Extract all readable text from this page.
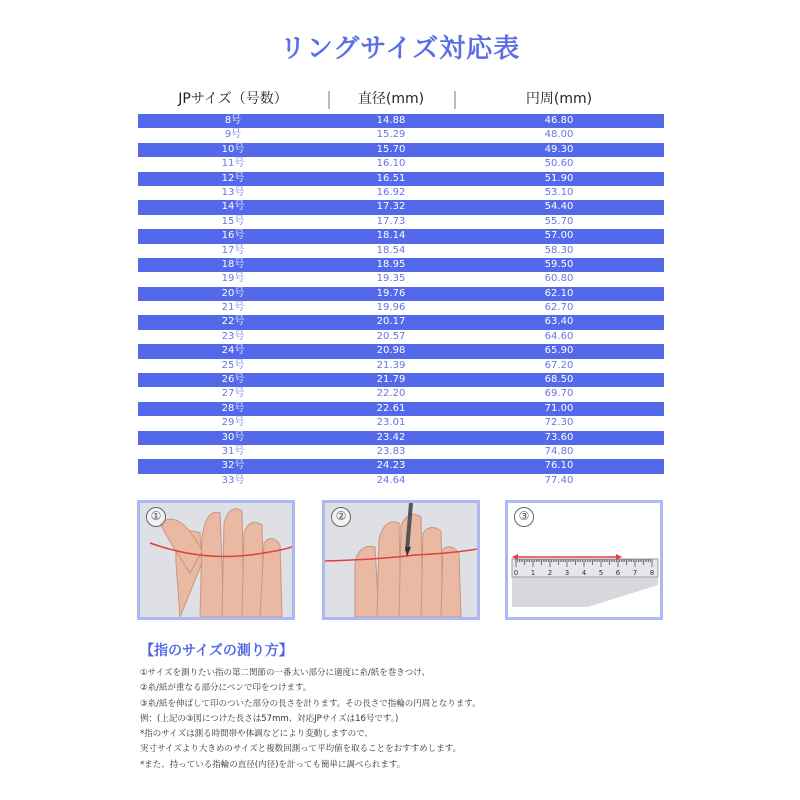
リングサイズ対応表
JPサイズ（号数）	直径(mm)	円周(mm)
8号	14.88	46.80
9号	15.29	48.00
10号	15.70	49.30
11号	16.10	50.60
12号	16.51	51.90
13号	16.92	53.10
14号	17.32	54.40
15号	17.73	55.70
16号	18.14	57.00
17号	18.54	58.30
18号	18.95	59.50
19号	19.35	60.80
20号	19.76	62.10
21号	19.96	62.70
22号	20.17	63.40
23号	20.57	64.60
24号	20.98	65.90
25号	21.39	67.20
26号	21.79	68.50
27号	22.20	69.70
28号	22.61	71.00
29号	23.01	72.30
30号	23.42	73.60
31号	23.83	74.80
32号	24.23	76.10
33号	24.64	77.40
①	②
0 1 2 3 4 5 6 7 8
③
【指のサイズの測り方】
①サイズを測りたい指の第二関節の一番太い部分に適度に糸/紙を巻きつけ、
②糸/紙が重なる部分にペンで印をつけます。
③糸/紙を伸ばして印のついた部分の長さを計ります。その長さで指輪の円周となります。
例：(上記の③図につけた長さは57mm、対応JPサイズは16号です。)
*指のサイズは測る時間帯や体調などにより変動しますので、
実寸サイズより大きめのサイズと複数回測って平均値を取ることをおすすめします。
*また、持っている指輪の直径(内径)を計っても簡単に調べられます。
